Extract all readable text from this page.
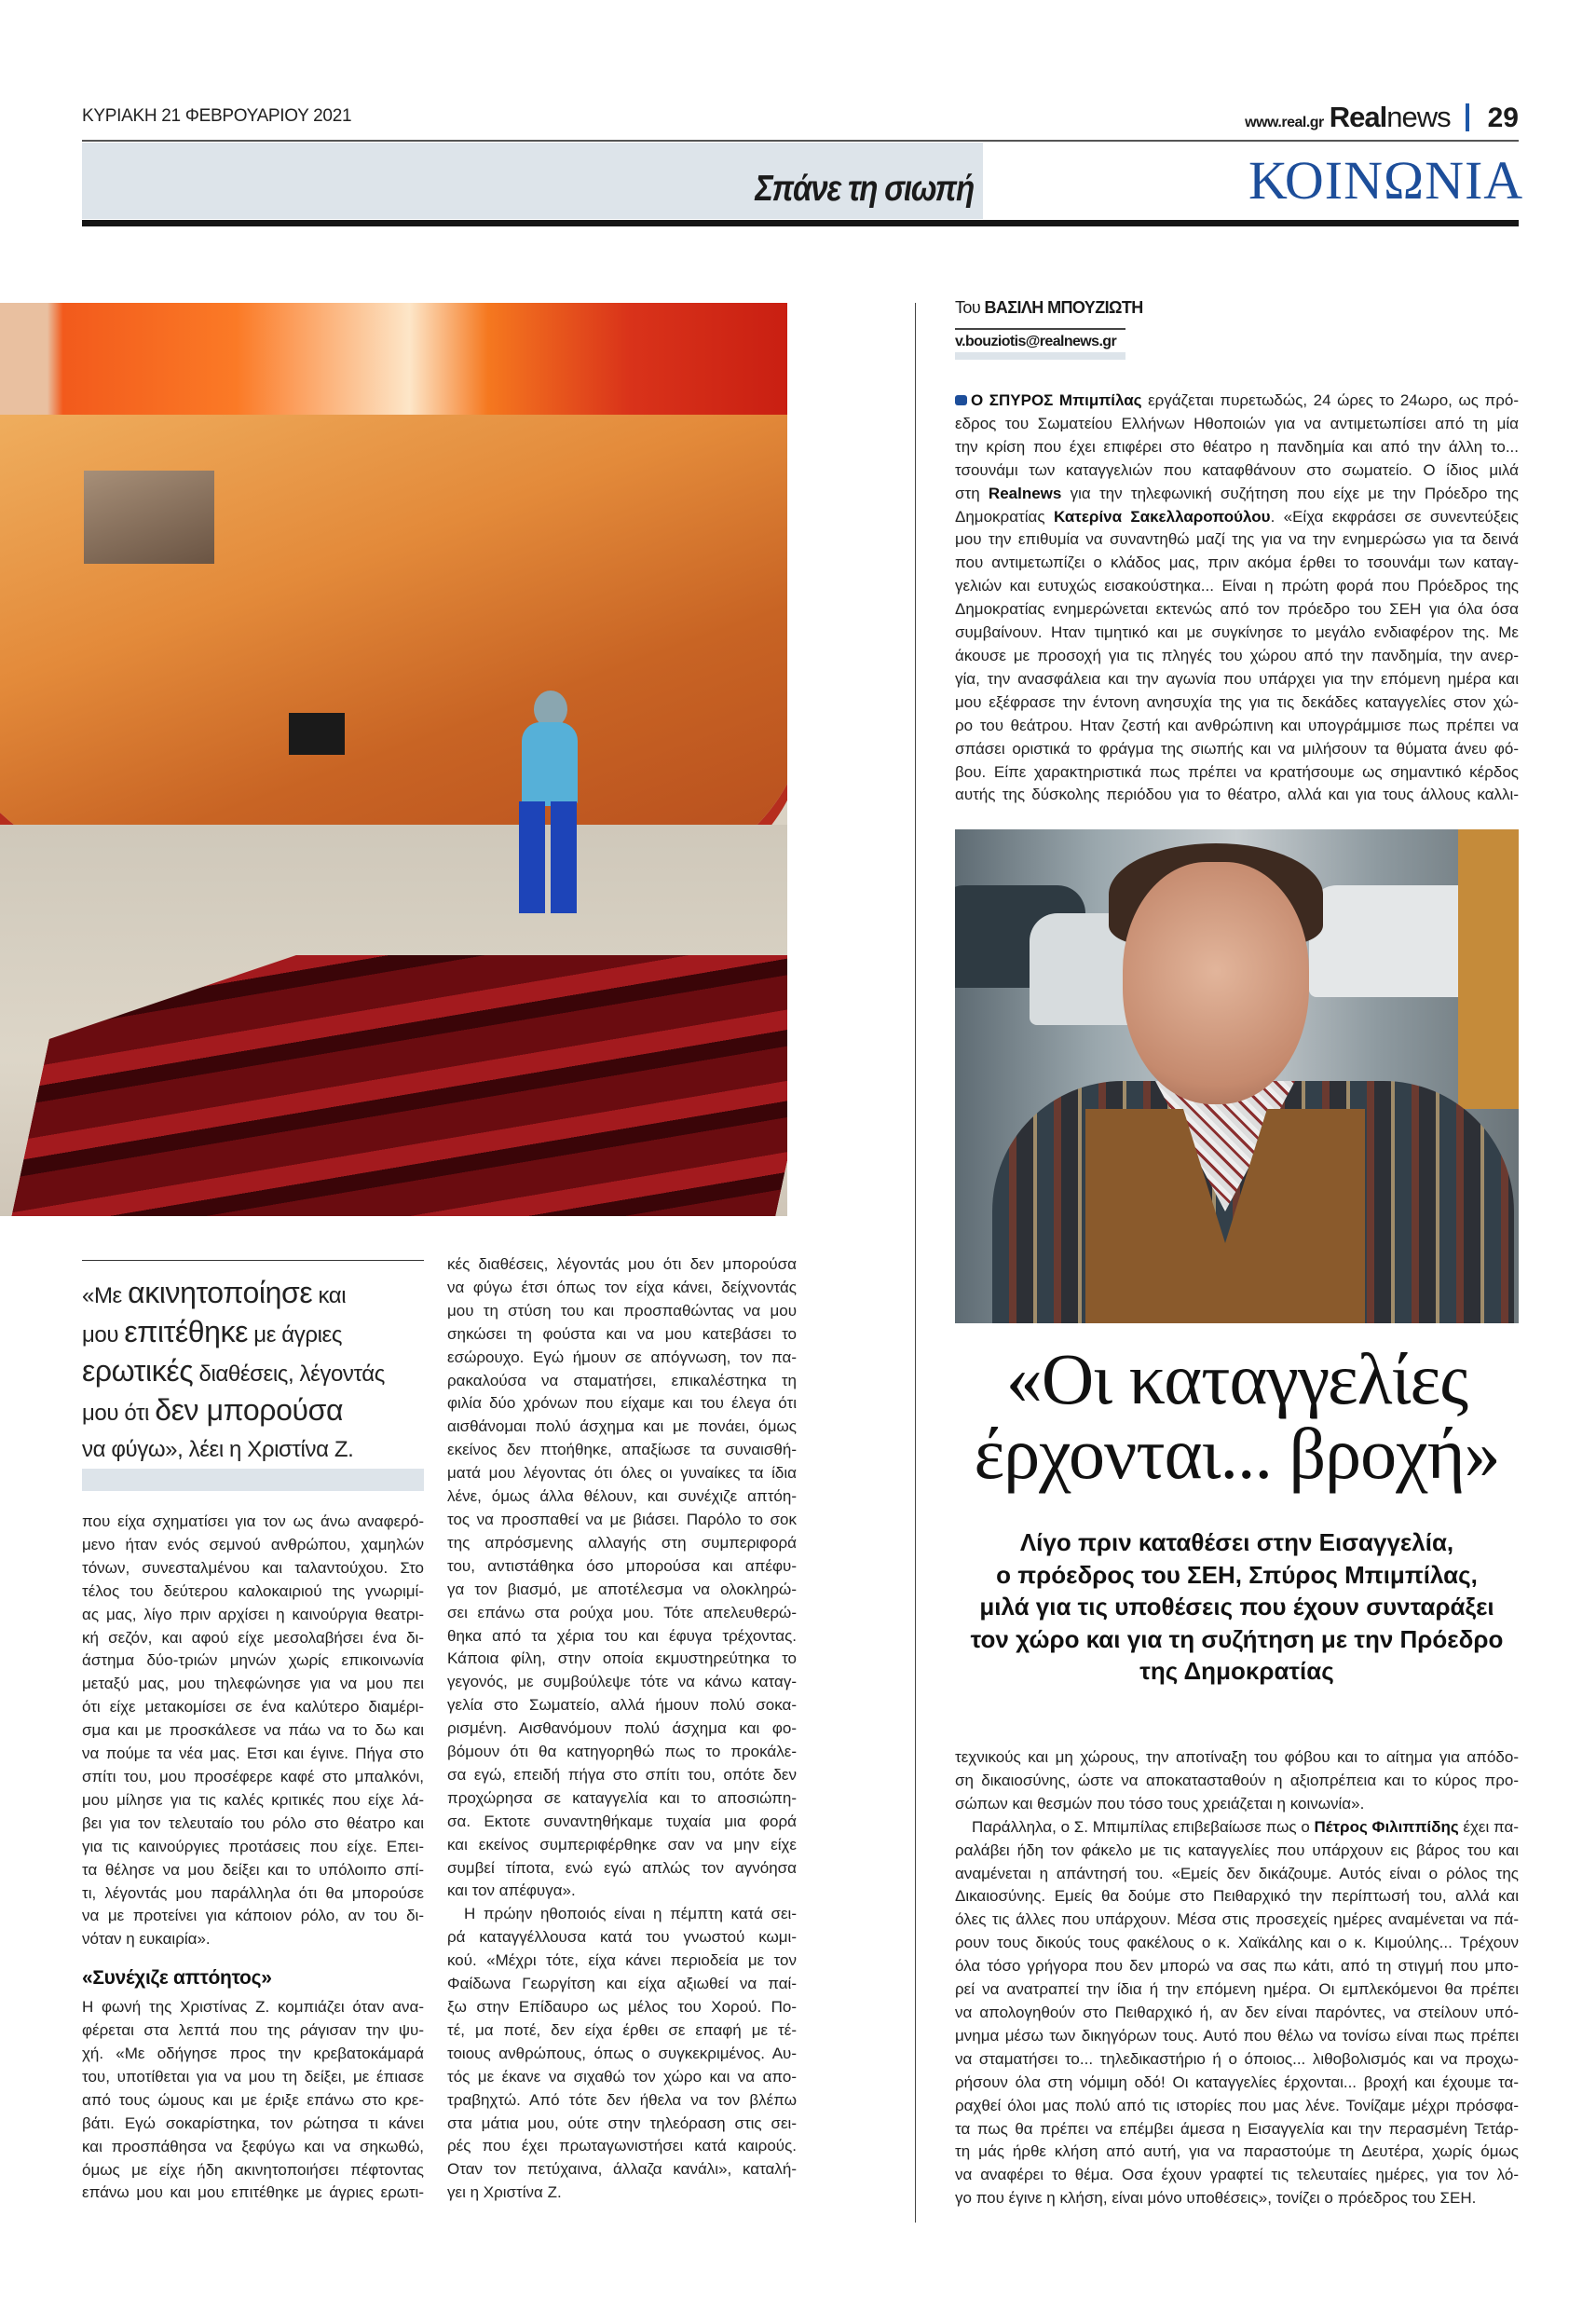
ΚΥΡΙΑΚΗ 21 ΦΕΒΡΟΥΑΡΙΟΥ 2021	www.real.gr Real news 29
Σπάνε τη σιωπή	ΚΟΙΝΩΝΙΑ
Του ΒΑΣΙΛΗ ΜΠΟΥΖΙΩΤΗ
v.bouziotis@realnews.gr
Ο ΣΠΥΡΟΣ Μπιμπίλας εργάζεται πυρετωδώς, 24 ώρες το 24ωρο, ως πρό-
εδρος του Σωματείου Ελλήνων Ηθοποιών για να αντιμετωπίσει από τη μία
την κρίση που έχει επιφέρει στο θέατρο η πανδημία και από την άλλη το...
τσουνάμι των καταγγελιών που καταφθάνουν στο σωματείο. Ο ίδιος μιλά
στη Realnews για την τηλεφωνική συζήτηση που είχε με την Πρόεδρο της
Δημοκρατίας Κατερίνα Σακελλαροπούλου. «Είχα εκφράσει σε συνεντεύξεις
μου την επιθυμία να συναντηθώ μαζί της για να την ενημερώσω για τα δεινά
που αντιμετωπίζει ο κλάδος μας, πριν ακόμα έρθει το τσουνάμι των καταγ-
γελιών και ευτυχώς εισακούστηκα... Είναι η πρώτη φορά που Πρόεδρος της
Δημοκρατίας ενημερώνεται εκτενώς από τον πρόεδρο του ΣΕΗ για όλα όσα
συμβαίνουν. Ηταν τιμητικό και με συγκίνησε το μεγάλο ενδιαφέρον της. Με
άκουσε με προσοχή για τις πληγές του χώρου από την πανδημία, την ανερ-
γία, την ανασφάλεια και την αγωνία που υπάρχει για την επόμενη ημέρα και
μου εξέφρασε την έντονη ανησυχία της για τις δεκάδες καταγγελίες στον χώ-
ρο του θεάτρου. Ηταν ζεστή και ανθρώπινη και υπογράμμισε πως πρέπει να
σπάσει οριστικά το φράγμα της σιωπής και να μιλήσουν τα θύματα άνευ φό-
βου. Είπε χαρακτηριστικά πως πρέπει να κρατήσουμε ως σημαντικό κέρδος
αυτής της δύσκολης περιόδου για το θέατρο, αλλά και για τους άλλους καλλι-
«Οι καταγγελίες
έρχονται... βροχή»
Λίγο πριν καταθέσει στην Εισαγγελία,
ο πρόεδρος του ΣΕΗ, Σπύρος Μπιμπίλας,
μιλά για τις υποθέσεις που έχουν συνταράξει
τον χώρο και για τη συζήτηση με την Πρόεδρο
της Δημοκρατίας
τεχνικούς και μη χώρους, την αποτίναξη του φόβου και το αίτημα για απόδο-
ση δικαιοσύνης, ώστε να αποκατασταθούν η αξιοπρέπεια και το κύρος προ-
σώπων και θεσμών που τόσο τους χρειάζεται η κοινωνία».
Παράλληλα, ο Σ. Μπιμπίλας επιβεβαίωσε πως ο Πέτρος Φιλιππίδης έχει πα-
ραλάβει ήδη τον φάκελο με τις καταγγελίες που υπάρχουν εις βάρος του και
αναμένεται η απάντησή του. «Εμείς δεν δικάζουμε. Αυτός είναι ο ρόλος της
Δικαιοσύνης. Εμείς θα δούμε στο Πειθαρχικό την περίπτωσή του, αλλά και
όλες τις άλλες που υπάρχουν. Μέσα στις προσεχείς ημέρες αναμένεται να πά-
ρουν τους δικούς τους φακέλους ο κ. Χαϊκάλης και ο κ. Κιμούλης... Τρέχουν
όλα τόσο γρήγορα που δεν μπορώ να σας πω κάτι, από τη στιγμή που μπο-
ρεί να ανατραπεί την ίδια ή την επόμενη ημέρα. Οι εμπλεκόμενοι θα πρέπει
να απολογηθούν στο Πειθαρχικό ή, αν δεν είναι παρόντες, να στείλουν υπό-
μνημα μέσω των δικηγόρων τους. Αυτό που θέλω να τονίσω είναι πως πρέπει
να σταματήσει το... τηλεδικαστήριο ή ο όποιος... λιθοβολισμός και να προχω-
ρήσουν όλα στη νόμιμη οδό! Οι καταγγελίες έρχονται... βροχή και έχουμε τα-
ραχθεί όλοι μας πολύ από τις ιστορίες που μας λένε. Τονίζαμε μέχρι πρόσφα-
τα πως θα πρέπει να επέμβει άμεσα η Εισαγγελία και την περασμένη Τετάρ-
τη μάς ήρθε κλήση από αυτή, για να παραστούμε τη Δευτέρα, χωρίς όμως
να αναφέρει το θέμα. Οσα έχουν γραφτεί τις τελευταίες ημέρες, για τον λό-
γο που έγινε η κλήση, είναι μόνο υποθέσεις», τονίζει ο πρόεδρος του ΣΕΗ.
«Με ακινητοποίησε και
μου επιτέθηκε με άγριες
ερωτικές διαθέσεις, λέγοντάς
μου ότι δεν μπορούσα
να φύγω», λέει η Χριστίνα Ζ.
που είχα σχηματίσει για τον ως άνω αναφερό-
μενο ήταν ενός σεμνού ανθρώπου, χαμηλών
τόνων, συνεσταλμένου και ταλαντούχου. Στο
τέλος του δεύτερου καλοκαιριού της γνωριμί-
ας μας, λίγο πριν αρχίσει η καινούργια θεατρι-
κή σεζόν, και αφού είχε μεσολαβήσει ένα δι-
άστημα δύο-τριών μηνών χωρίς επικοινωνία
μεταξύ μας, μου τηλεφώνησε για να μου πει
ότι είχε μετακομίσει σε ένα καλύτερο διαμέρι-
σμα και με προσκάλεσε να πάω να το δω και
να πούμε τα νέα μας. Ετσι και έγινε. Πήγα στο
σπίτι του, μου προσέφερε καφέ στο μπαλκόνι,
μου μίλησε για τις καλές κριτικές που είχε λά-
βει για τον τελευταίο του ρόλο στο θέατρο και
για τις καινούργιες προτάσεις που είχε. Επει-
τα θέλησε να μου δείξει και το υπόλοιπο σπί-
τι, λέγοντάς μου παράλληλα ότι θα μπορούσε
να με προτείνει για κάποιον ρόλο, αν του δι-
νόταν η ευκαιρία».
«Συνέχιζε απτόητος»
Η φωνή της Χριστίνας Ζ. κομπιάζει όταν ανα-
φέρεται στα λεπτά που της ράγισαν την ψυ-
χή. «Με οδήγησε προς την κρεβατοκάμαρά
του, υποτίθεται για να μου τη δείξει, με έπιασε
από τους ώμους και με έριξε επάνω στο κρε-
βάτι. Εγώ σοκαρίστηκα, τον ρώτησα τι κάνει
και προσπάθησα να ξεφύγω και να σηκωθώ,
όμως με είχε ήδη ακινητοποιήσει πέφτοντας
επάνω μου και μου επιτέθηκε με άγριες ερωτι-
κές διαθέσεις, λέγοντάς μου ότι δεν μπορούσα
να φύγω έτσι όπως τον είχα κάνει, δείχνοντάς
μου τη στύση του και προσπαθώντας να μου
σηκώσει τη φούστα και να μου κατεβάσει το
εσώρουχο. Εγώ ήμουν σε απόγνωση, τον πα-
ρακαλούσα να σταματήσει, επικαλέστηκα τη
φιλία δύο χρόνων που είχαμε και του έλεγα ότι
αισθάνομαι πολύ άσχημα και με πονάει, όμως
εκείνος δεν πτοήθηκε, απαξίωσε τα συναισθή-
ματά μου λέγοντας ότι όλες οι γυναίκες τα ίδια
λένε, όμως άλλα θέλουν, και συνέχιζε απτόη-
τος να προσπαθεί να με βιάσει. Παρόλο το σοκ
της απρόσμενης αλλαγής στη συμπεριφορά
του, αντιστάθηκα όσο μπορούσα και απέφυ-
γα τον βιασμό, με αποτέλεσμα να ολοκληρώ-
σει επάνω στα ρούχα μου. Τότε απελευθερώ-
θηκα από τα χέρια του και έφυγα τρέχοντας.
Κάποια φίλη, στην οποία εκμυστηρεύτηκα το
γεγονός, με συμβούλεψε τότε να κάνω καταγ-
γελία στο Σωματείο, αλλά ήμουν πολύ σοκα-
ρισμένη. Αισθανόμουν πολύ άσχημα και φο-
βόμουν ότι θα κατηγορηθώ πως το προκάλε-
σα εγώ, επειδή πήγα στο σπίτι του, οπότε δεν
προχώρησα σε καταγγελία και το αποσιώπη-
σα. Εκτοτε συναντηθήκαμε τυχαία μια φορά
και εκείνος συμπεριφέρθηκε σαν να μην είχε
συμβεί τίποτα, ενώ εγώ απλώς τον αγνόησα
και τον απέφυγα».
Η πρώην ηθοποιός είναι η πέμπτη κατά σει-
ρά καταγγέλλουσα κατά του γνωστού κωμι-
κού. «Μέχρι τότε, είχα κάνει περιοδεία με τον
Φαίδωνα Γεωργίτση και είχα αξιωθεί να παί-
ξω στην Επίδαυρο ως μέλος του Χορού. Πο-
τέ, μα ποτέ, δεν είχα έρθει σε επαφή με τέ-
τοιους ανθρώπους, όπως ο συγκεκριμένος. Αυ-
τός με έκανε να σιχαθώ τον χώρο και να απο-
τραβηχτώ. Από τότε δεν ήθελα να τον βλέπω
στα μάτια μου, ούτε στην τηλεόραση στις σει-
ρές που έχει πρωταγωνιστήσει κατά καιρούς.
Οταν τον πετύχαινα, άλλαζα κανάλι», καταλή-
γει η Χριστίνα Ζ.
